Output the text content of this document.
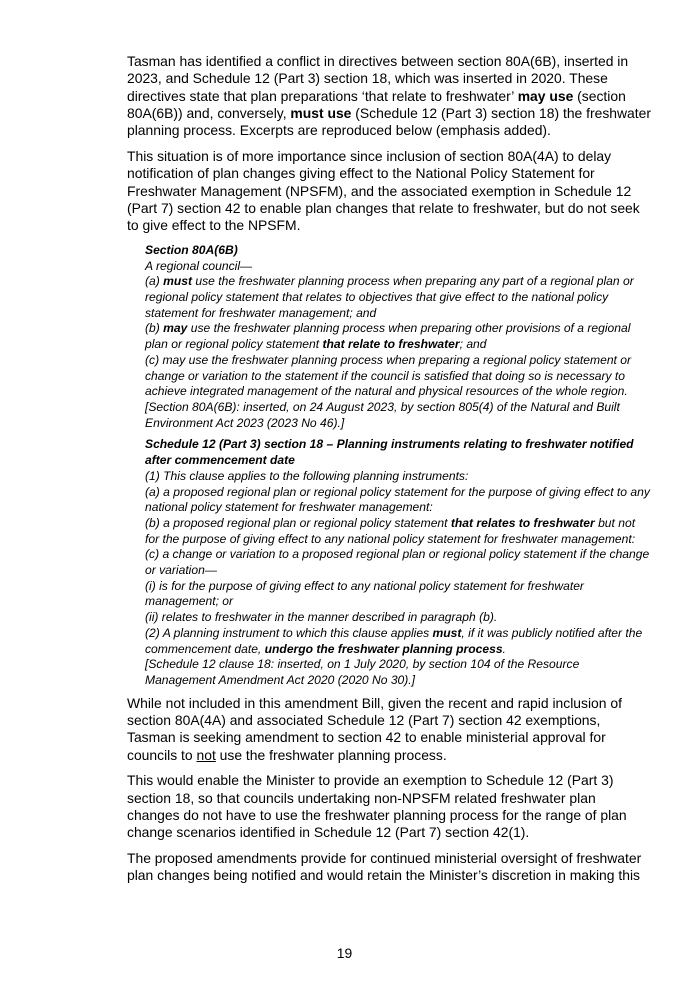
Tasman has identified a conflict in directives between section 80A(6B), inserted in 2023, and Schedule 12 (Part 3) section 18, which was inserted in 2020. These directives state that plan preparations ‘that relate to freshwater’ may use (section 80A(6B)) and, conversely, must use (Schedule 12 (Part 3) section 18) the freshwater planning process. Excerpts are reproduced below (emphasis added).

This situation is of more importance since inclusion of section 80A(4A) to delay notification of plan changes giving effect to the National Policy Statement for Freshwater Management (NPSFM), and the associated exemption in Schedule 12 (Part 7) section 42 to enable plan changes that relate to freshwater, but do not seek to give effect to the NPSFM.

Section 80A(6B)

A regional council—

(a) must use the freshwater planning process when preparing any part of a regional plan or regional policy statement that relates to objectives that give effect to the national policy statement for freshwater management; and

(b) may use the freshwater planning process when preparing other provisions of a regional plan or regional policy statement that relate to freshwater; and

(c) may use the freshwater planning process when preparing a regional policy statement or change or variation to the statement if the council is satisfied that doing so is necessary to achieve integrated management of the natural and physical resources of the whole region.

[Section 80A(6B): inserted, on 24 August 2023, by section 805(4) of the Natural and Built Environment Act 2023 (2023 No 46).]

Schedule 12 (Part 3) section 18 – Planning instruments relating to freshwater notified after commencement date

(1) This clause applies to the following planning instruments:

(a) a proposed regional plan or regional policy statement for the purpose of giving effect to any national policy statement for freshwater management:

(b) a proposed regional plan or regional policy statement that relates to freshwater but not for the purpose of giving effect to any national policy statement for freshwater management:

(c) a change or variation to a proposed regional plan or regional policy statement if the change or variation—

(i) is for the purpose of giving effect to any national policy statement for freshwater management; or

(ii) relates to freshwater in the manner described in paragraph (b).

(2) A planning instrument to which this clause applies must, if it was publicly notified after the commencement date, undergo the freshwater planning process.

[Schedule 12 clause 18: inserted, on 1 July 2020, by section 104 of the Resource Management Amendment Act 2020 (2020 No 30).]

While not included in this amendment Bill, given the recent and rapid inclusion of section 80A(4A) and associated Schedule 12 (Part 7) section 42 exemptions, Tasman is seeking amendment to section 42 to enable ministerial approval for councils to not use the freshwater planning process.

This would enable the Minister to provide an exemption to Schedule 12 (Part 3) section 18, so that councils undertaking non-NPSFM related freshwater plan changes do not have to use the freshwater planning process for the range of plan change scenarios identified in Schedule 12 (Part 7) section 42(1).

The proposed amendments provide for continued ministerial oversight of freshwater plan changes being notified and would retain the Minister’s discretion in making this

19
